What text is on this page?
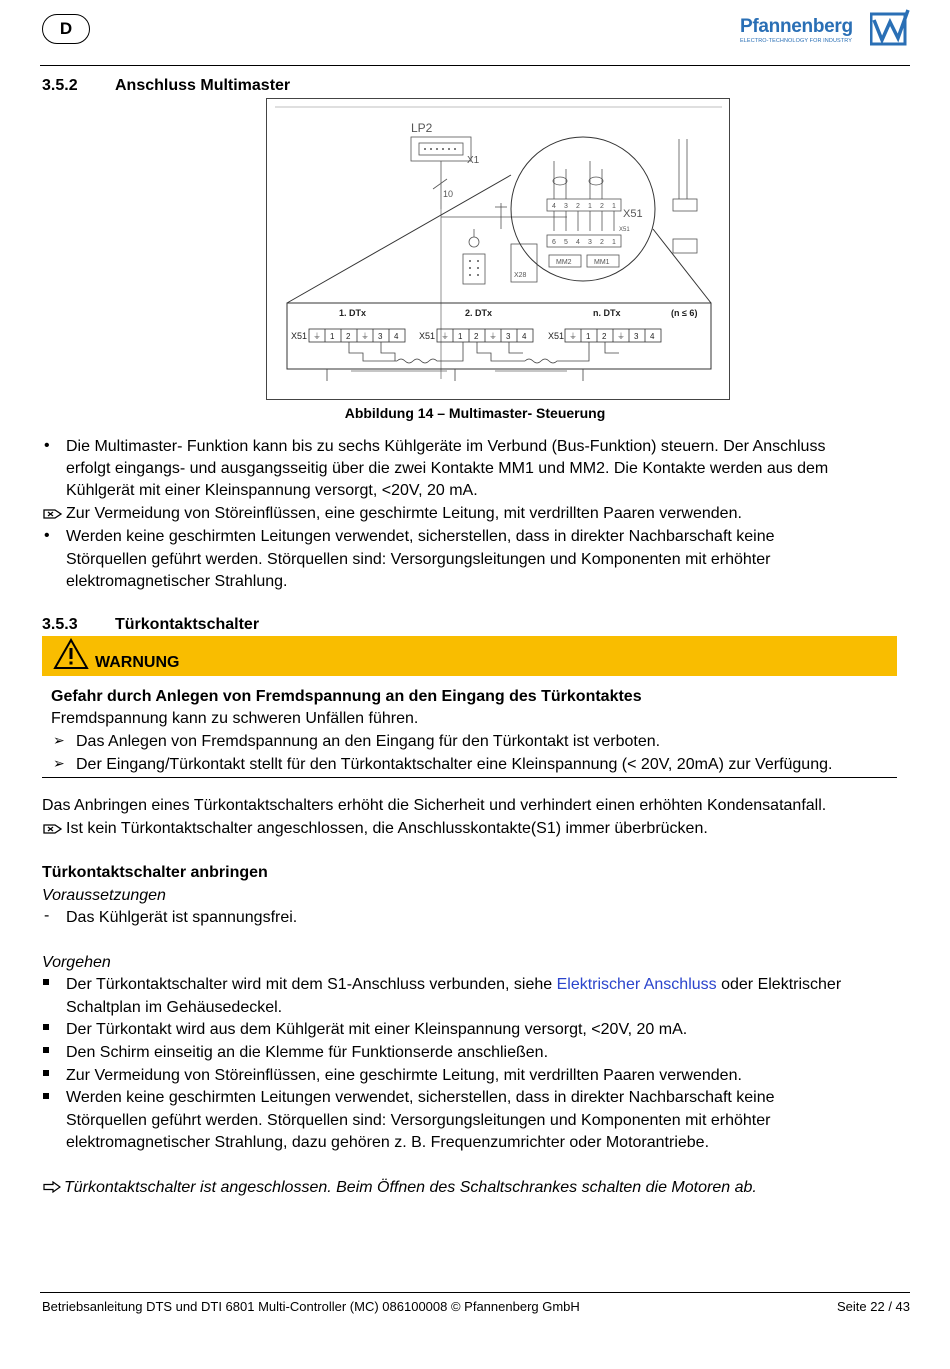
D	Pfannenberg
ELECTRO-TECHNOLOGY FOR INDUSTRY
3.5.2 Anschluss Multimaster
LP2
X1
10
X28
X51
4 3 2 1 2 1
X51
6 5 4 3 2 1
MM2	MM1
1. DTx	2. DTx	n. DTx	(n ≤ 6)
X51	X51	X51
⏚ 1 2 ⏚ 3 4	⏚ 1 2 ⏚ 3 4	⏚ 1 2 ⏚ 3 4
Abbildung 14 – Multimaster- Steuerung
• Die Multimaster- Funktion kann bis zu sechs Kühlgeräte im Verbund (Bus-Funktion) steuern. Der Anschluss
erfolgt eingangs- und ausgangsseitig über die zwei Kontakte MM1 und MM2. Die Kontakte werden aus dem
Kühlgerät mit einer Kleinspannung versorgt, <20V, 20 mA.
Zur Vermeidung von Störeinflüssen, eine geschirmte Leitung, mit verdrillten Paaren verwenden.
• Werden keine geschirmten Leitungen verwendet, sicherstellen, dass in direkter Nachbarschaft keine
Störquellen geführt werden. Störquellen sind: Versorgungsleitungen und Komponenten mit erhöhter
elektromagnetischer Strahlung.
3.5.3 Türkontaktschalter
WARNUNG
Gefahr durch Anlegen von Fremdspannung an den Eingang des Türkontaktes
Fremdspannung kann zu schweren Unfällen führen.
➢ Das Anlegen von Fremdspannung an den Eingang für den Türkontakt ist verboten.
➢ Der Eingang/Türkontakt stellt für den Türkontaktschalter eine Kleinspannung (< 20V, 20mA) zur Verfügung.
Das Anbringen eines Türkontaktschalters erhöht die Sicherheit und verhindert einen erhöhten Kondensatanfall.
Ist kein Türkontaktschalter angeschlossen, die Anschlusskontakte(S1) immer überbrücken.
Türkontaktschalter anbringen
Voraussetzungen
- Das Kühlgerät ist spannungsfrei.
Vorgehen
Der Türkontaktschalter wird mit dem S1-Anschluss verbunden, siehe Elektrischer Anschluss oder Elektrischer
Schaltplan im Gehäusedeckel.
Der Türkontakt wird aus dem Kühlgerät mit einer Kleinspannung versorgt, <20V, 20 mA.
Den Schirm einseitig an die Klemme für Funktionserde anschließen.
Zur Vermeidung von Störeinflüssen, eine geschirmte Leitung, mit verdrillten Paaren verwenden.
Werden keine geschirmten Leitungen verwendet, sicherstellen, dass in direkter Nachbarschaft keine
Störquellen geführt werden. Störquellen sind: Versorgungsleitungen und Komponenten mit erhöhter
elektromagnetischer Strahlung, dazu gehören z. B. Frequenzumrichter oder Motorantriebe.
Türkontaktschalter ist angeschlossen. Beim Öffnen des Schaltschrankes schalten die Motoren ab.
Betriebsanleitung DTS und DTI 6801 Multi-Controller (MC) 086100008 © Pfannenberg GmbH	Seite 22 / 43
